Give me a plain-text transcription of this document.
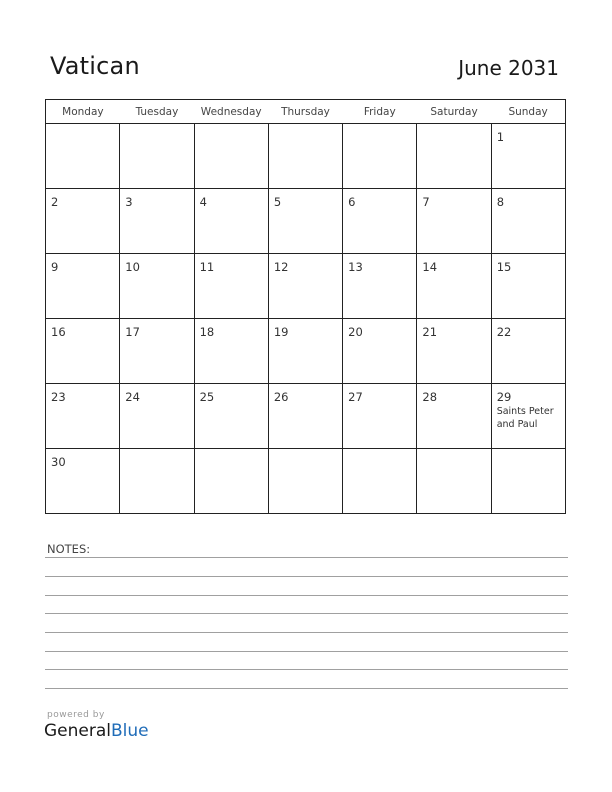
Vatican	June 2031
Monday	Tuesday	Wednesday	Thursday	Friday	Saturday	Sunday

						1

2	3	4	5	6	7	8

9	10	11	12	13	14	15

16	17	18	19	20	21	22

23	24	25	26	27	28	29
Saints Peter and Paul

30						

NOTES:
powered by
GeneralBlue
